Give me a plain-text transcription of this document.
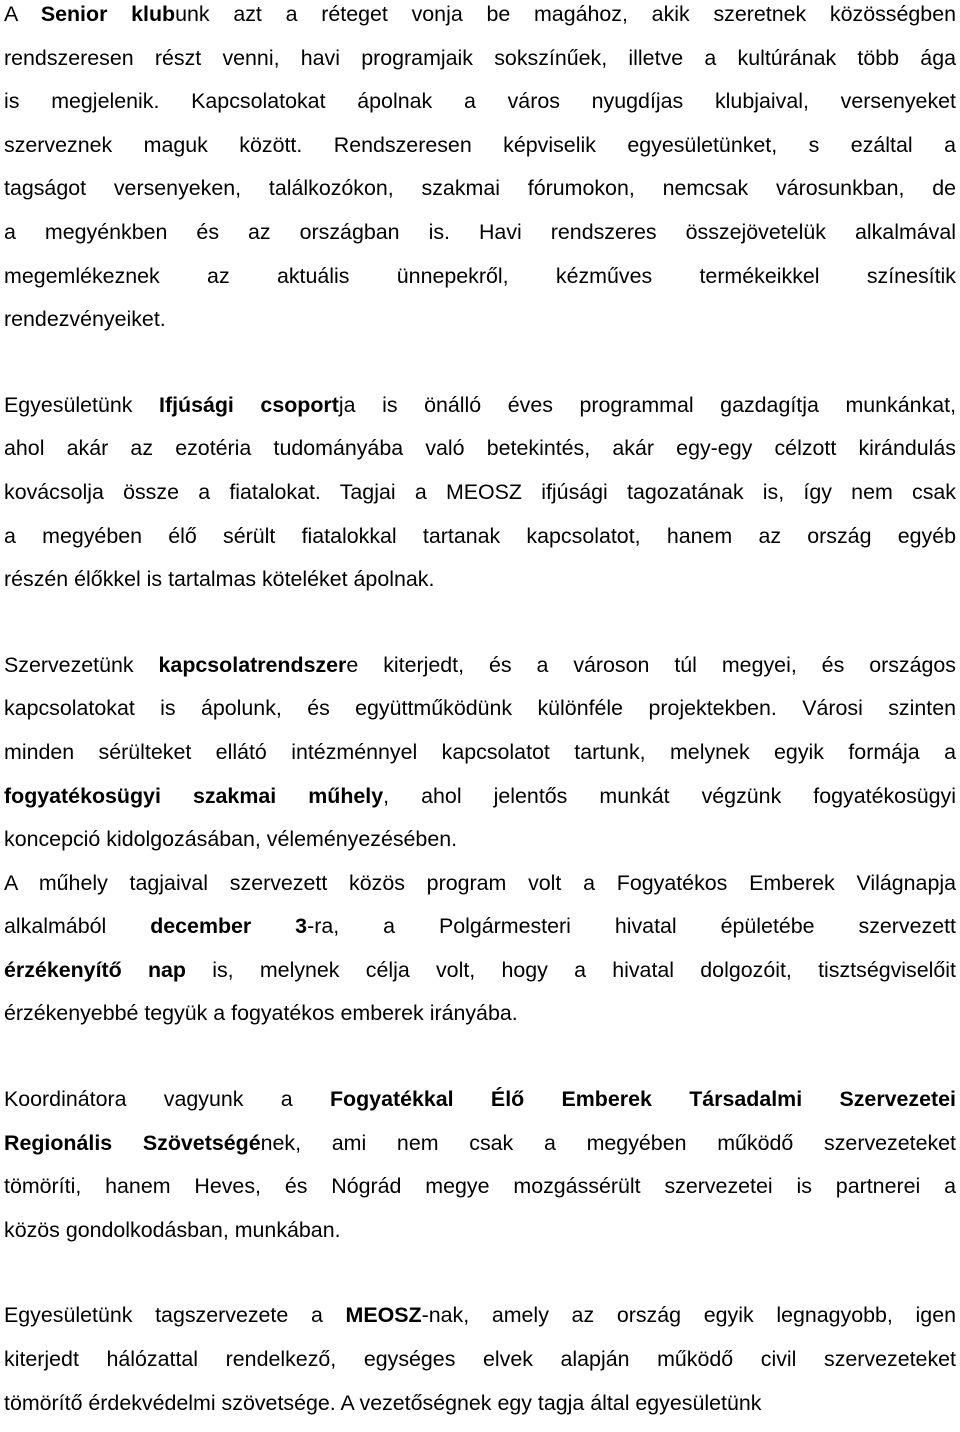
A Senior klubunk azt a réteget vonja be magához, akik szeretnek közösségben
rendszeresen részt venni, havi programjaik sokszínűek, illetve a kultúrának több ága
is megjelenik. Kapcsolatokat ápolnak a város nyugdíjas klubjaival, versenyeket
szerveznek maguk között. Rendszeresen képviselik egyesületünket, s ezáltal a
tagságot versenyeken, találkozókon, szakmai fórumokon, nemcsak városunkban, de
a megyénkben és az országban is. Havi rendszeres összejövetelük alkalmával
megemlékeznek az aktuális ünnepekről, kézműves termékeikkel színesítik
rendezvényeiket.
Egyesületünk Ifjúsági csoportja is önálló éves programmal gazdagítja munkánkat,
ahol akár az ezotéria tudományába való betekintés, akár egy-egy célzott kirándulás
kovácsolja össze a fiatalokat. Tagjai a MEOSZ ifjúsági tagozatának is, így nem csak
a megyében élő sérült fiatalokkal tartanak kapcsolatot, hanem az ország egyéb
részén élőkkel is tartalmas köteléket ápolnak.
Szervezetünk kapcsolatrendszere kiterjedt, és a városon túl megyei, és országos
kapcsolatokat is ápolunk, és együttműködünk különféle projektekben. Városi szinten
minden sérülteket ellátó intézménnyel kapcsolatot tartunk, melynek egyik formája a
fogyatékosügyi szakmai műhely, ahol jelentős munkát végzünk fogyatékosügyi
koncepció kidolgozásában, véleményezésében.
A műhely tagjaival szervezett közös program volt a Fogyatékos Emberek Világnapja
alkalmából december 3-ra, a Polgármesteri hivatal épületébe szervezett
érzékenyítő nap is, melynek célja volt, hogy a hivatal dolgozóit, tisztségviselőit
érzékenyebbé tegyük a fogyatékos emberek irányába.
Koordinátora vagyunk a Fogyatékkal Élő Emberek Társadalmi Szervezetei
Regionális Szövetségének, ami nem csak a megyében működő szervezeteket
tömöríti, hanem Heves, és Nógrád megye mozgássérült szervezetei is partnerei a
közös gondolkodásban, munkában.
Egyesületünk tagszervezete a MEOSZ-nak, amely az ország egyik legnagyobb, igen
kiterjedt hálózattal rendelkező, egységes elvek alapján működő civil szervezeteket
tömörítő érdekvédelmi szövetsége. A vezetőségnek egy tagja által egyesületünk
